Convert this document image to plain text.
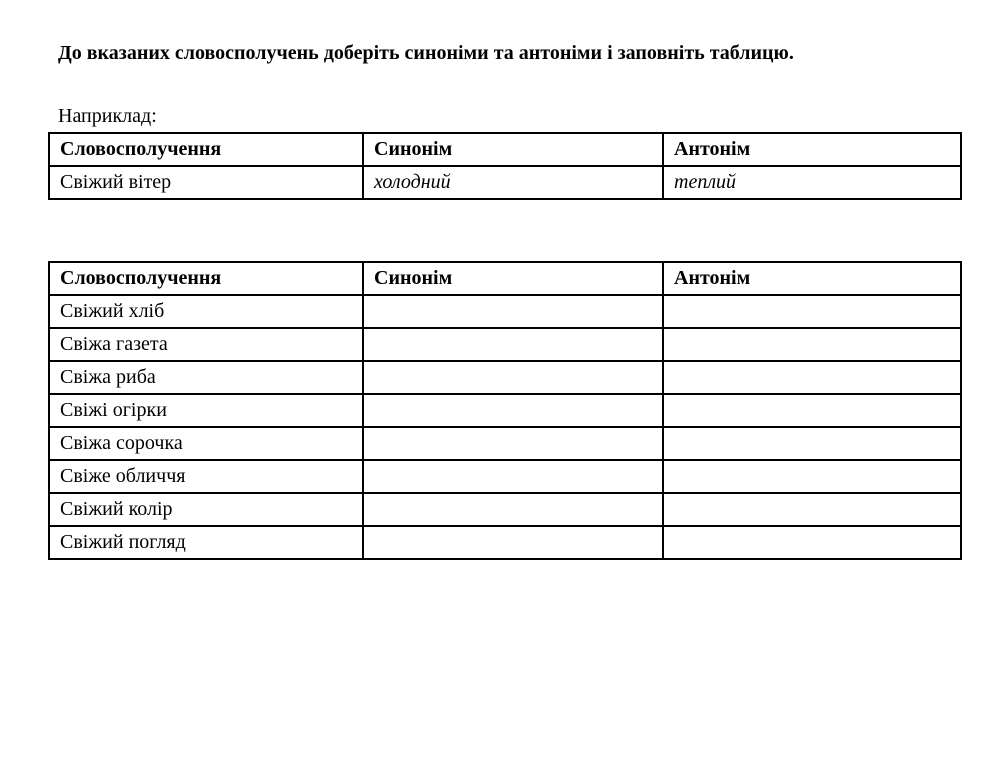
До вказаних словосполучень доберіть синоніми та антоніми і заповніть таблицю.
Наприклад:
Словосполучення	Синонім	Антонім
Свіжий вітер	холодний	теплий
Словосполучення	Синонім	Антонім
Свіжий хліб		
Свіжа газета		
Свіжа риба		
Свіжі огірки		
Свіжа сорочка		
Свіже обличчя		
Свіжий колір		
Свіжий погляд		
